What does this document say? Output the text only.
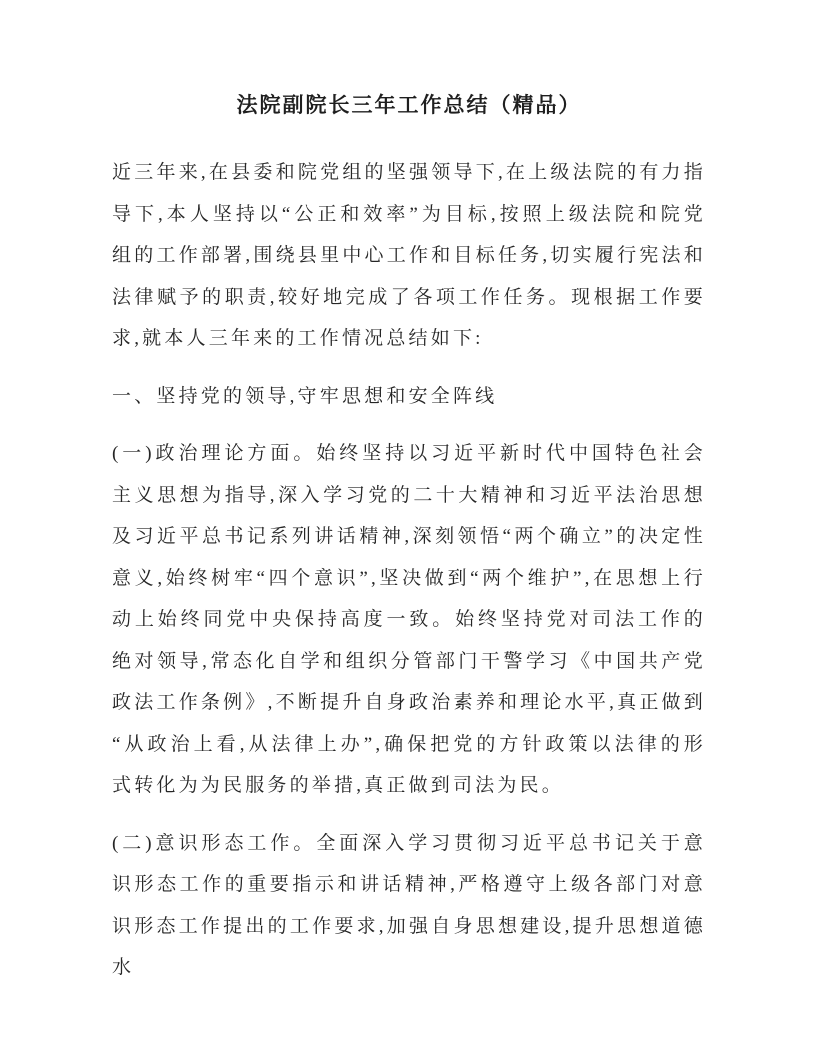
法院副院长三年工作总结（精品）

近三年来,在县委和院党组的坚强领导下,在上级法院的有力指导下,本人坚持以“公正和效率”为目标,按照上级法院和院党组的工作部署,围绕县里中心工作和目标任务,切实履行宪法和法律赋予的职责,较好地完成了各项工作任务。现根据工作要求,就本人三年来的工作情况总结如下:

一、坚持党的领导,守牢思想和安全阵线

(一)政治理论方面。始终坚持以习近平新时代中国特色社会主义思想为指导,深入学习党的二十大精神和习近平法治思想及习近平总书记系列讲话精神,深刻领悟“两个确立”的决定性意义,始终树牢“四个意识”,坚决做到“两个维护”,在思想上行动上始终同党中央保持高度一致。始终坚持党对司法工作的绝对领导,常态化自学和组织分管部门干警学习《中国共产党政法工作条例》,不断提升自身政治素养和理论水平,真正做到“从政治上看,从法律上办”,确保把党的方针政策以法律的形式转化为为民服务的举措,真正做到司法为民。

(二)意识形态工作。全面深入学习贯彻习近平总书记关于意识形态工作的重要指示和讲话精神,严格遵守上级各部门对意识形态工作提出的工作要求,加强自身思想建设,提升思想道德水
